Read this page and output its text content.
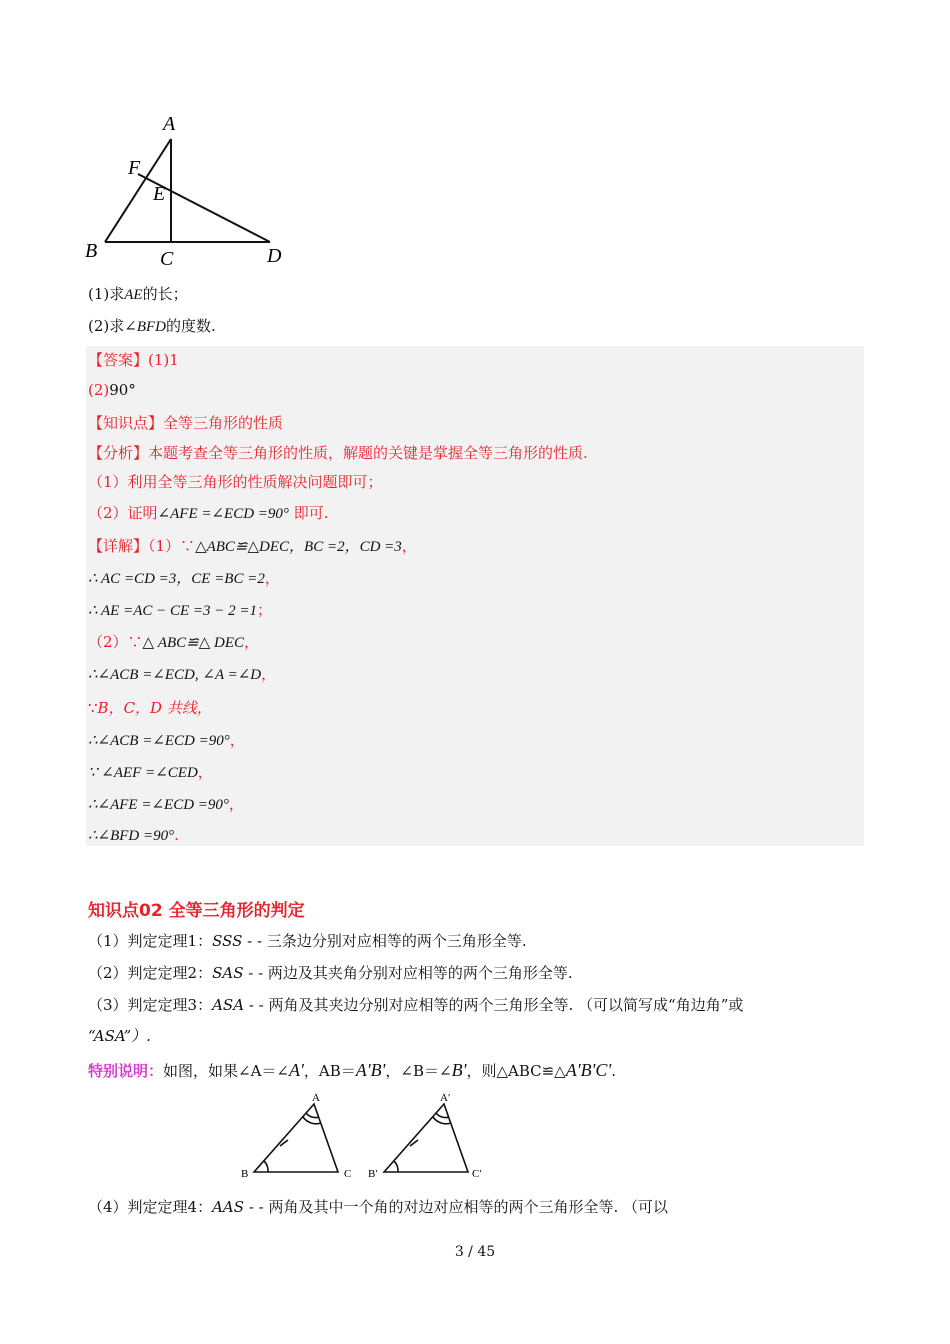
A
F
E
B	C	D
(1)求AE的长；
(2)求∠BFD的度数.
【答案】(1)1
(2)90°
【知识点】全等三角形的性质
【分析】本题考查全等三角形的性质，解题的关键是掌握全等三角形的性质.
（1）利用全等三角形的性质解决问题即可；
（2）证明∠AFE =∠ECD =90° 即可.
【详解】（1）∵△ABC≌△DEC，BC =2，CD =3，
∴ AC =CD =3，CE =BC =2，
∴ AE =AC − CE =3 − 2 =1；
（2）∵△ ABC≌△ DEC，
∴∠ACB =∠ECD, ∠A =∠D，
∵B，C，D 共线，
∴∠ACB =∠ECD =90°，
∵ ∠AEF =∠CED，
∴∠AFE =∠ECD =90°，
∴∠BFD =90°.
知识点02 全等三角形的判定
（1）判定定理1：SSS - - 三条边分别对应相等的两个三角形全等.
（2）判定定理2：SAS - - 两边及其夹角分别对应相等的两个三角形全等.
（3）判定定理3：ASA - - 两角及其夹边分别对应相等的两个三角形全等. （可以简写成“角边角”或
“ASA”）.
特别说明：如图，如果∠A＝∠A'，AB＝A'B'，∠B＝∠B'，则△ABC≌△A'B'C'.
A
B	C
A′
B′	C′
（4）判定定理4：AAS - - 两角及其中一个角的对边对应相等的两个三角形全等. （可以
3 / 45
